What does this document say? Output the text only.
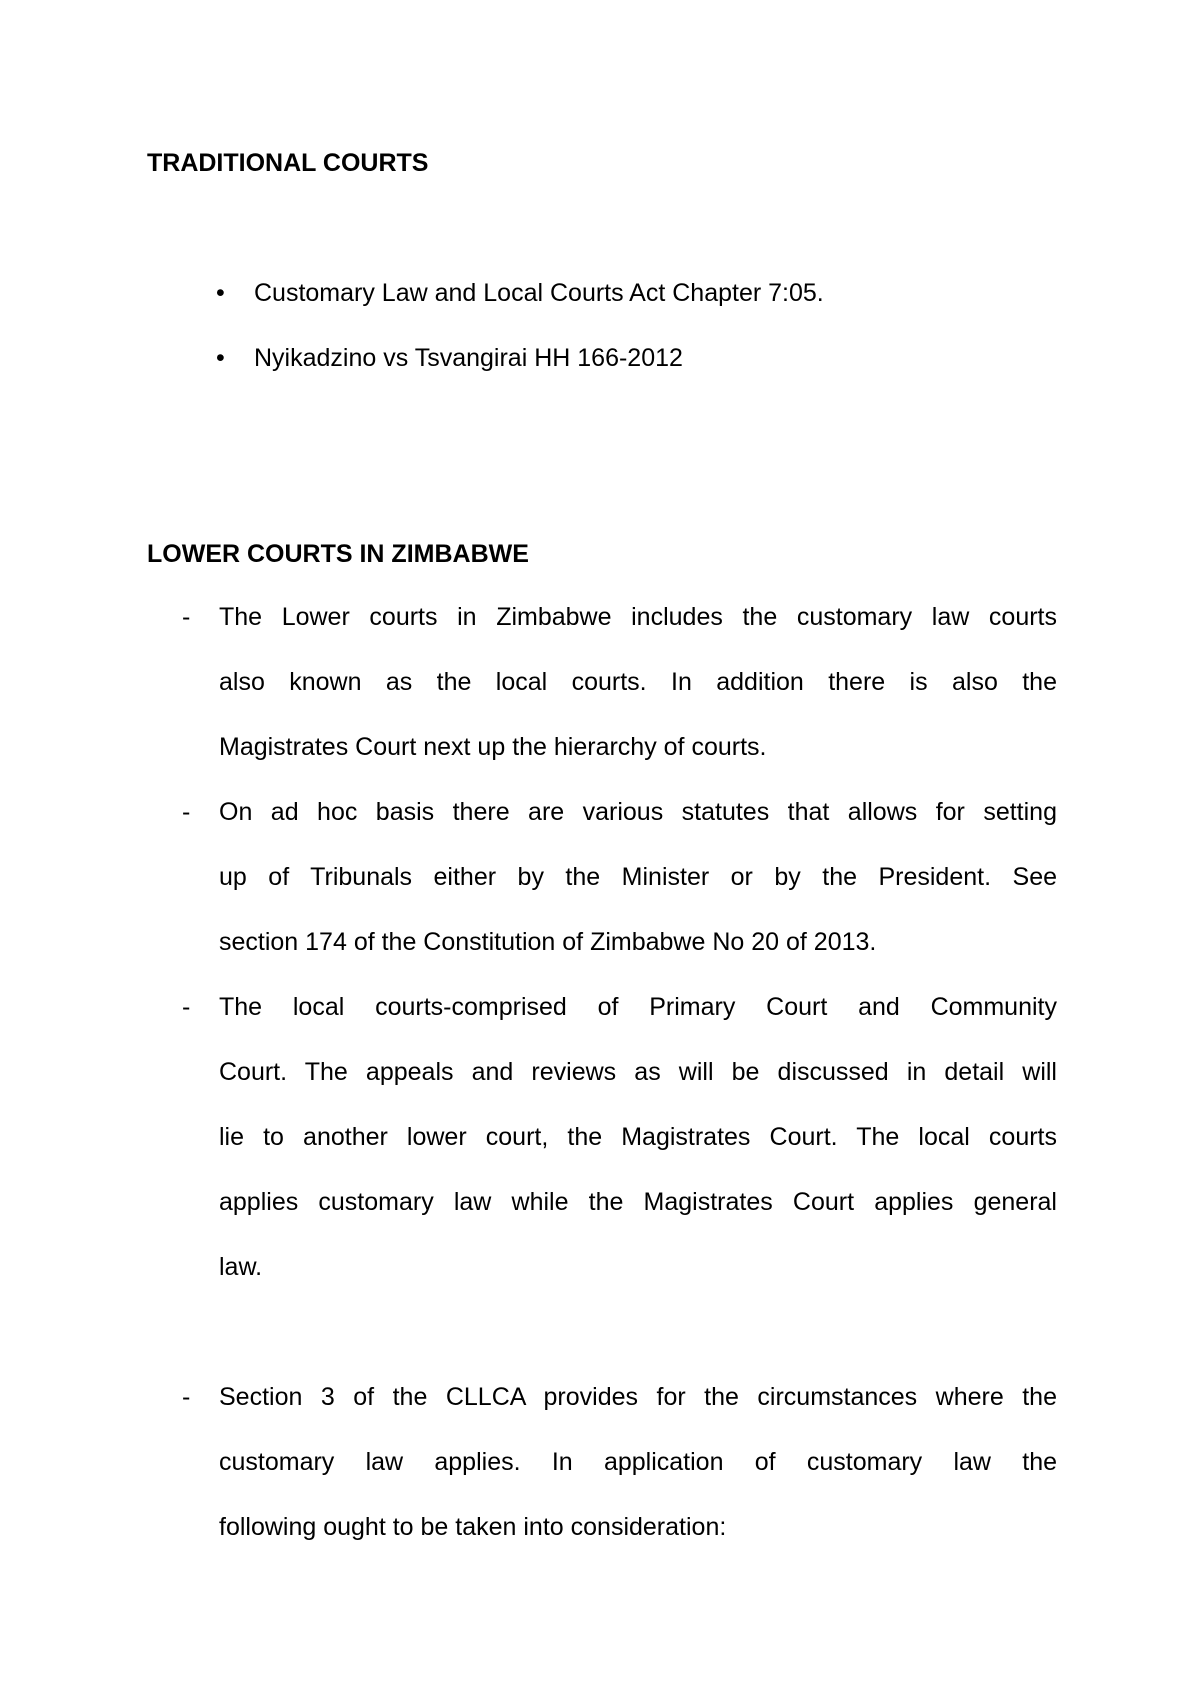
TRADITIONAL COURTS
• Customary Law and Local Courts Act Chapter 7:05.
• Nyikadzino vs Tsvangirai HH 166-2012
LOWER COURTS IN ZIMBABWE
- The Lower courts in Zimbabwe includes the customary law courts
also known as the local courts. In addition there is also the
Magistrates Court next up the hierarchy of courts.
- On ad hoc basis there are various statutes that allows for setting
up of Tribunals either by the Minister or by the President. See
section 174 of the Constitution of Zimbabwe No 20 of 2013.
- The local courts-comprised of Primary Court and Community
Court. The appeals and reviews as will be discussed in detail will
lie to another lower court, the Magistrates Court. The local courts
applies customary law while the Magistrates Court applies general
law.
- Section 3 of the CLLCA provides for the circumstances where the
customary law applies. In application of customary law the
following ought to be taken into consideration:
